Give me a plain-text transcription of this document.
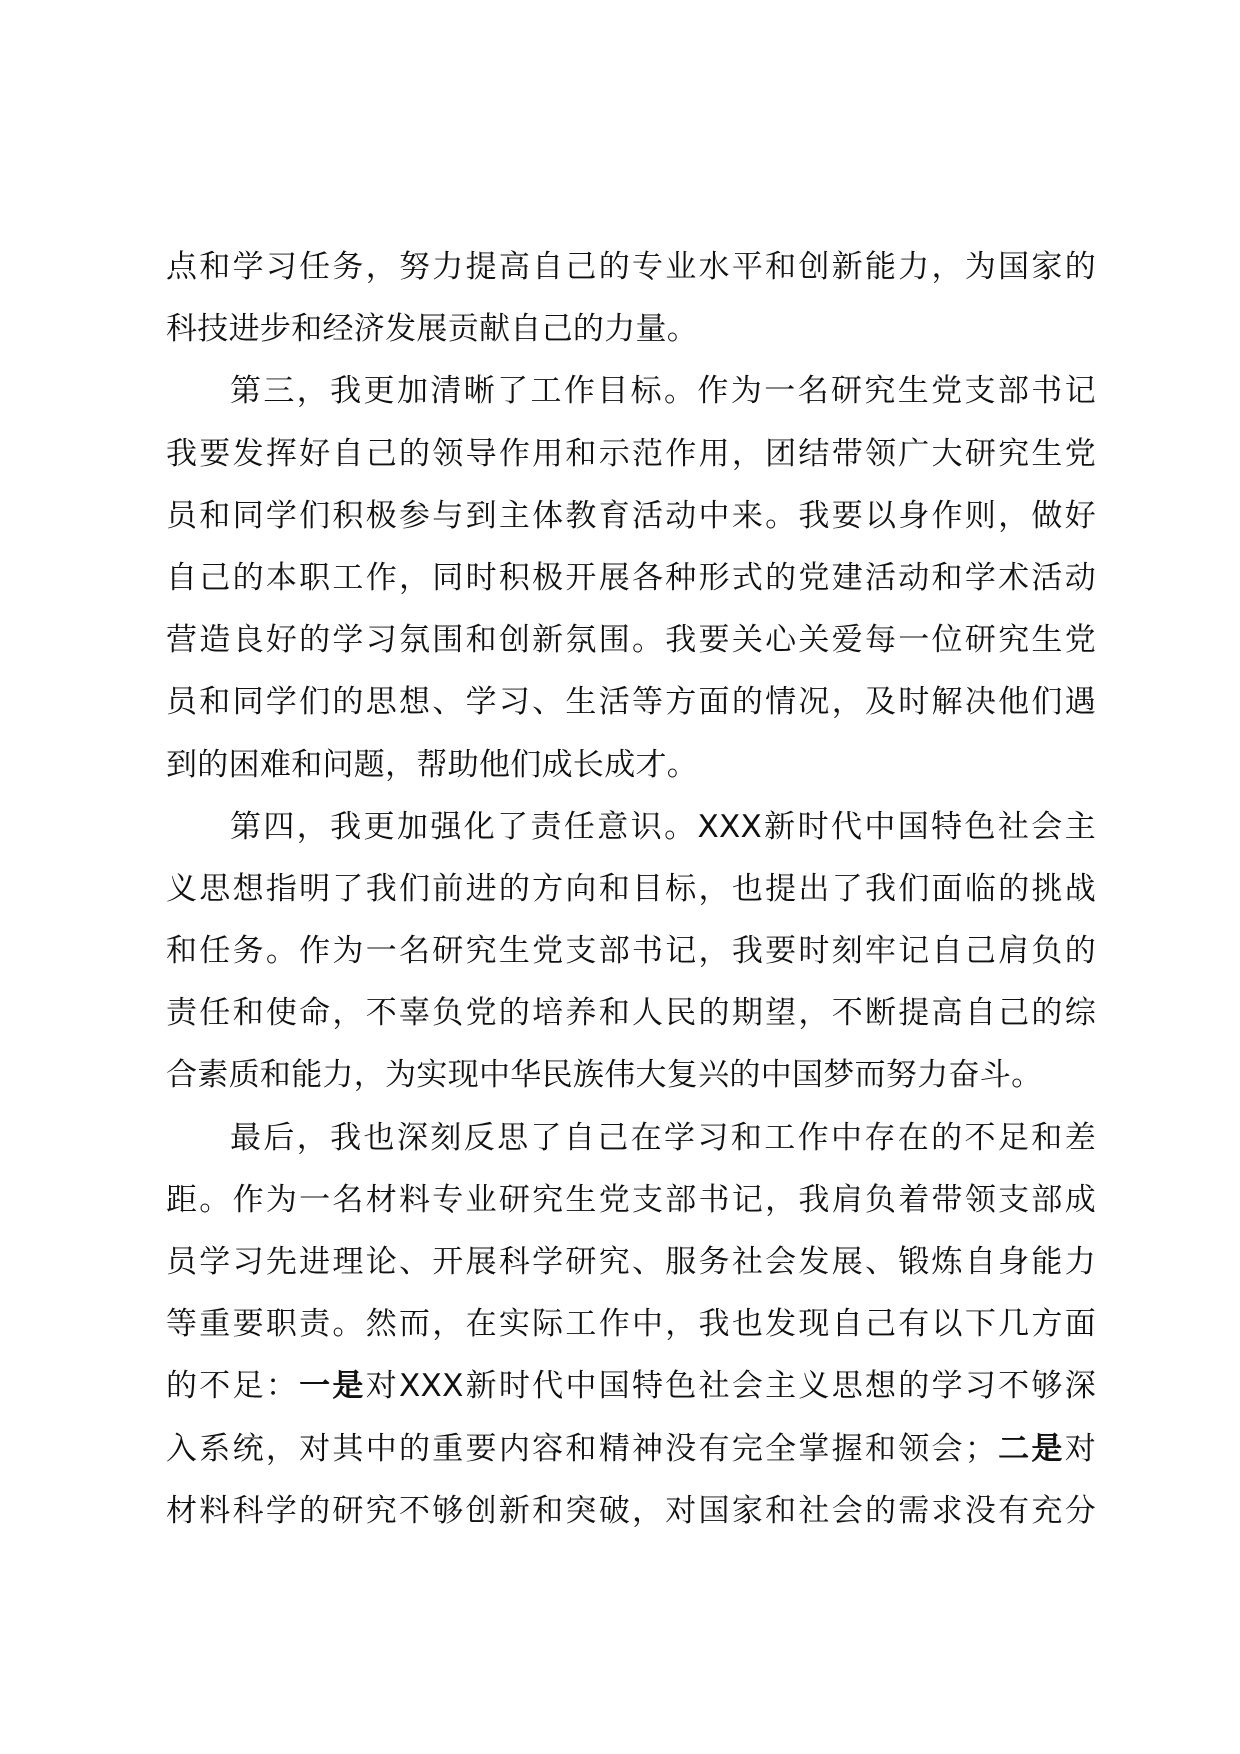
点和学习任务，努力提高自己的专业水平和创新能力，为国家的
科技进步和经济发展贡献自己的力量。
第三，我更加清晰了工作目标。作为一名研究生党支部书记
我要发挥好自己的领导作用和示范作用，团结带领广大研究生党
员和同学们积极参与到主体教育活动中来。我要以身作则，做好
自己的本职工作，同时积极开展各种形式的党建活动和学术活动
营造良好的学习氛围和创新氛围。我要关心关爱每一位研究生党
员和同学们的思想、学习、生活等方面的情况，及时解决他们遇
到的困难和问题，帮助他们成长成才。
第四，我更加强化了责任意识。XXX新时代中国特色社会主
义思想指明了我们前进的方向和目标，也提出了我们面临的挑战
和任务。作为一名研究生党支部书记，我要时刻牢记自己肩负的
责任和使命，不辜负党的培养和人民的期望，不断提高自己的综
合素质和能力，为实现中华民族伟大复兴的中国梦而努力奋斗。
最后，我也深刻反思了自己在学习和工作中存在的不足和差
距。作为一名材料专业研究生党支部书记，我肩负着带领支部成
员学习先进理论、开展科学研究、服务社会发展、锻炼自身能力
等重要职责。然而，在实际工作中，我也发现自己有以下几方面
的不足：一是对XXX新时代中国特色社会主义思想的学习不够深
入系统，对其中的重要内容和精神没有完全掌握和领会；二是对
材料科学的研究不够创新和突破，对国家和社会的需求没有充分
